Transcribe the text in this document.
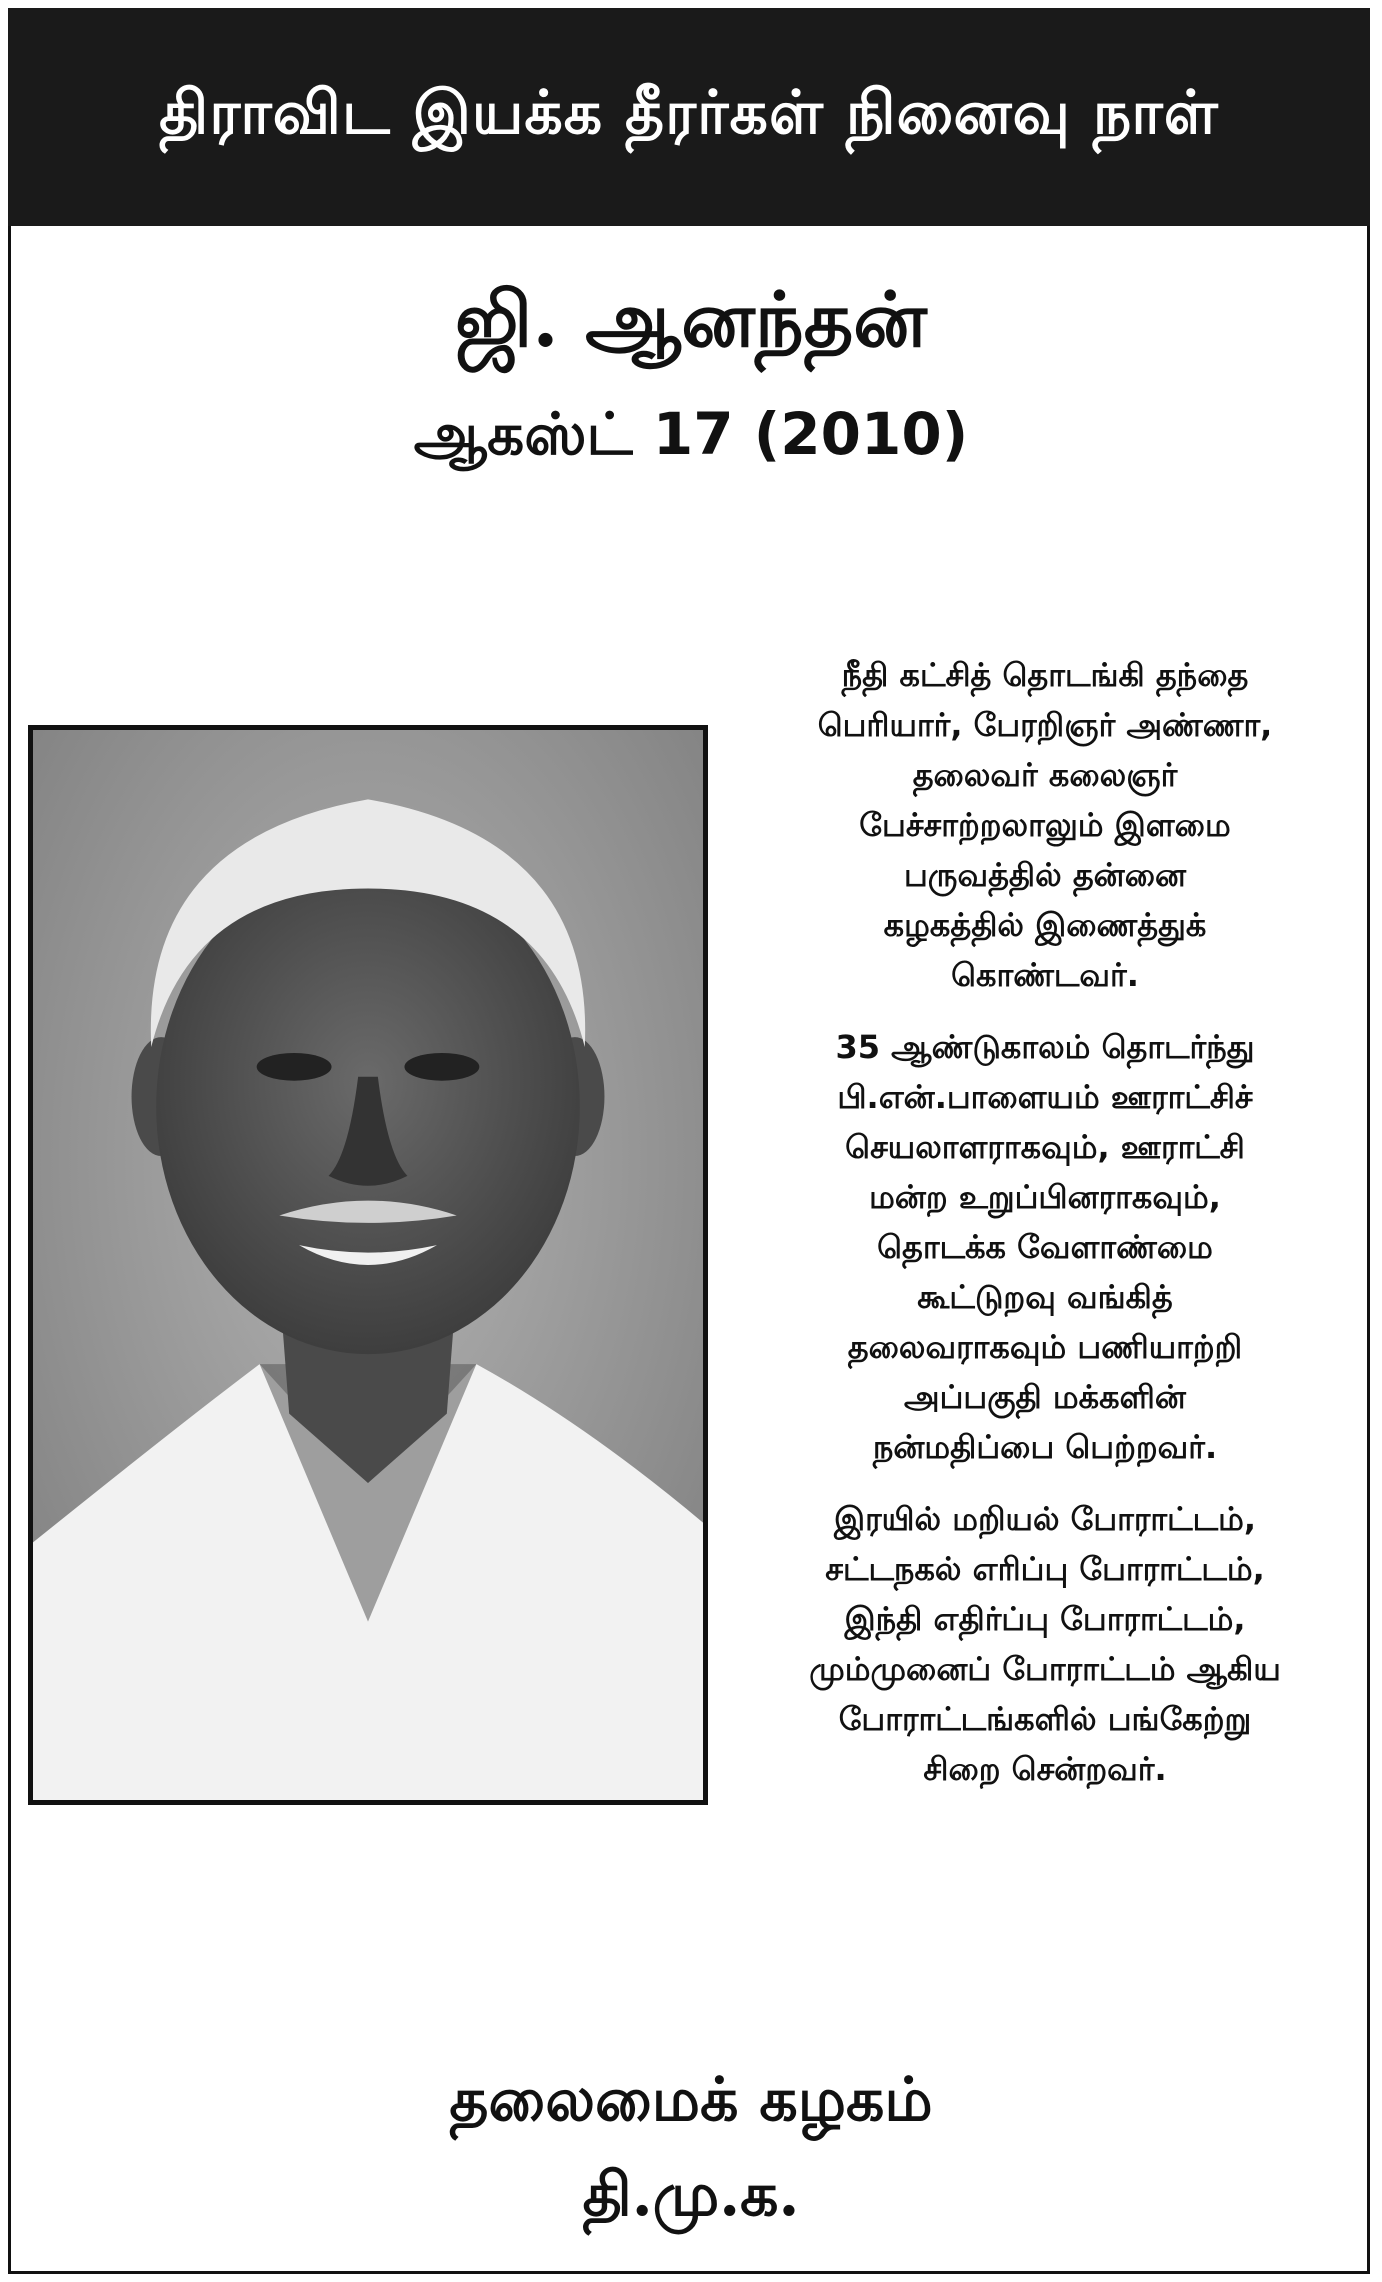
திராவிட இயக்க தீரர்கள் நினைவு நாள்
ஜி. ஆனந்தன்
ஆகஸ்ட் 17 (2010)

நீதி கட்சித் தொடங்கி தந்தை
பெரியார், பேரறிஞர் அண்ணா,
தலைவர் கலைஞர்
பேச்சாற்றலாலும் இளமை
பருவத்தில் தன்னை
கழகத்தில் இணைத்துக்
கொண்டவர்.

35 ஆண்டுகாலம் தொடர்ந்து
பி.என்.பாளையம் ஊராட்சிச்
செயலாளராகவும், ஊராட்சி
மன்ற உறுப்பினராகவும்,
தொடக்க வேளாண்மை
கூட்டுறவு வங்கித்
தலைவராகவும் பணியாற்றி
அப்பகுதி மக்களின்
நன்மதிப்பை பெற்றவர்.

இரயில் மறியல் போராட்டம்,
சட்டநகல் எரிப்பு போராட்டம்,
இந்தி எதிர்ப்பு போராட்டம்,
மும்முனைப் போராட்டம் ஆகிய
போராட்டங்களில் பங்கேற்று
சிறை சென்றவர்.

தலைமைக் கழகம்
தி.மு.க.
